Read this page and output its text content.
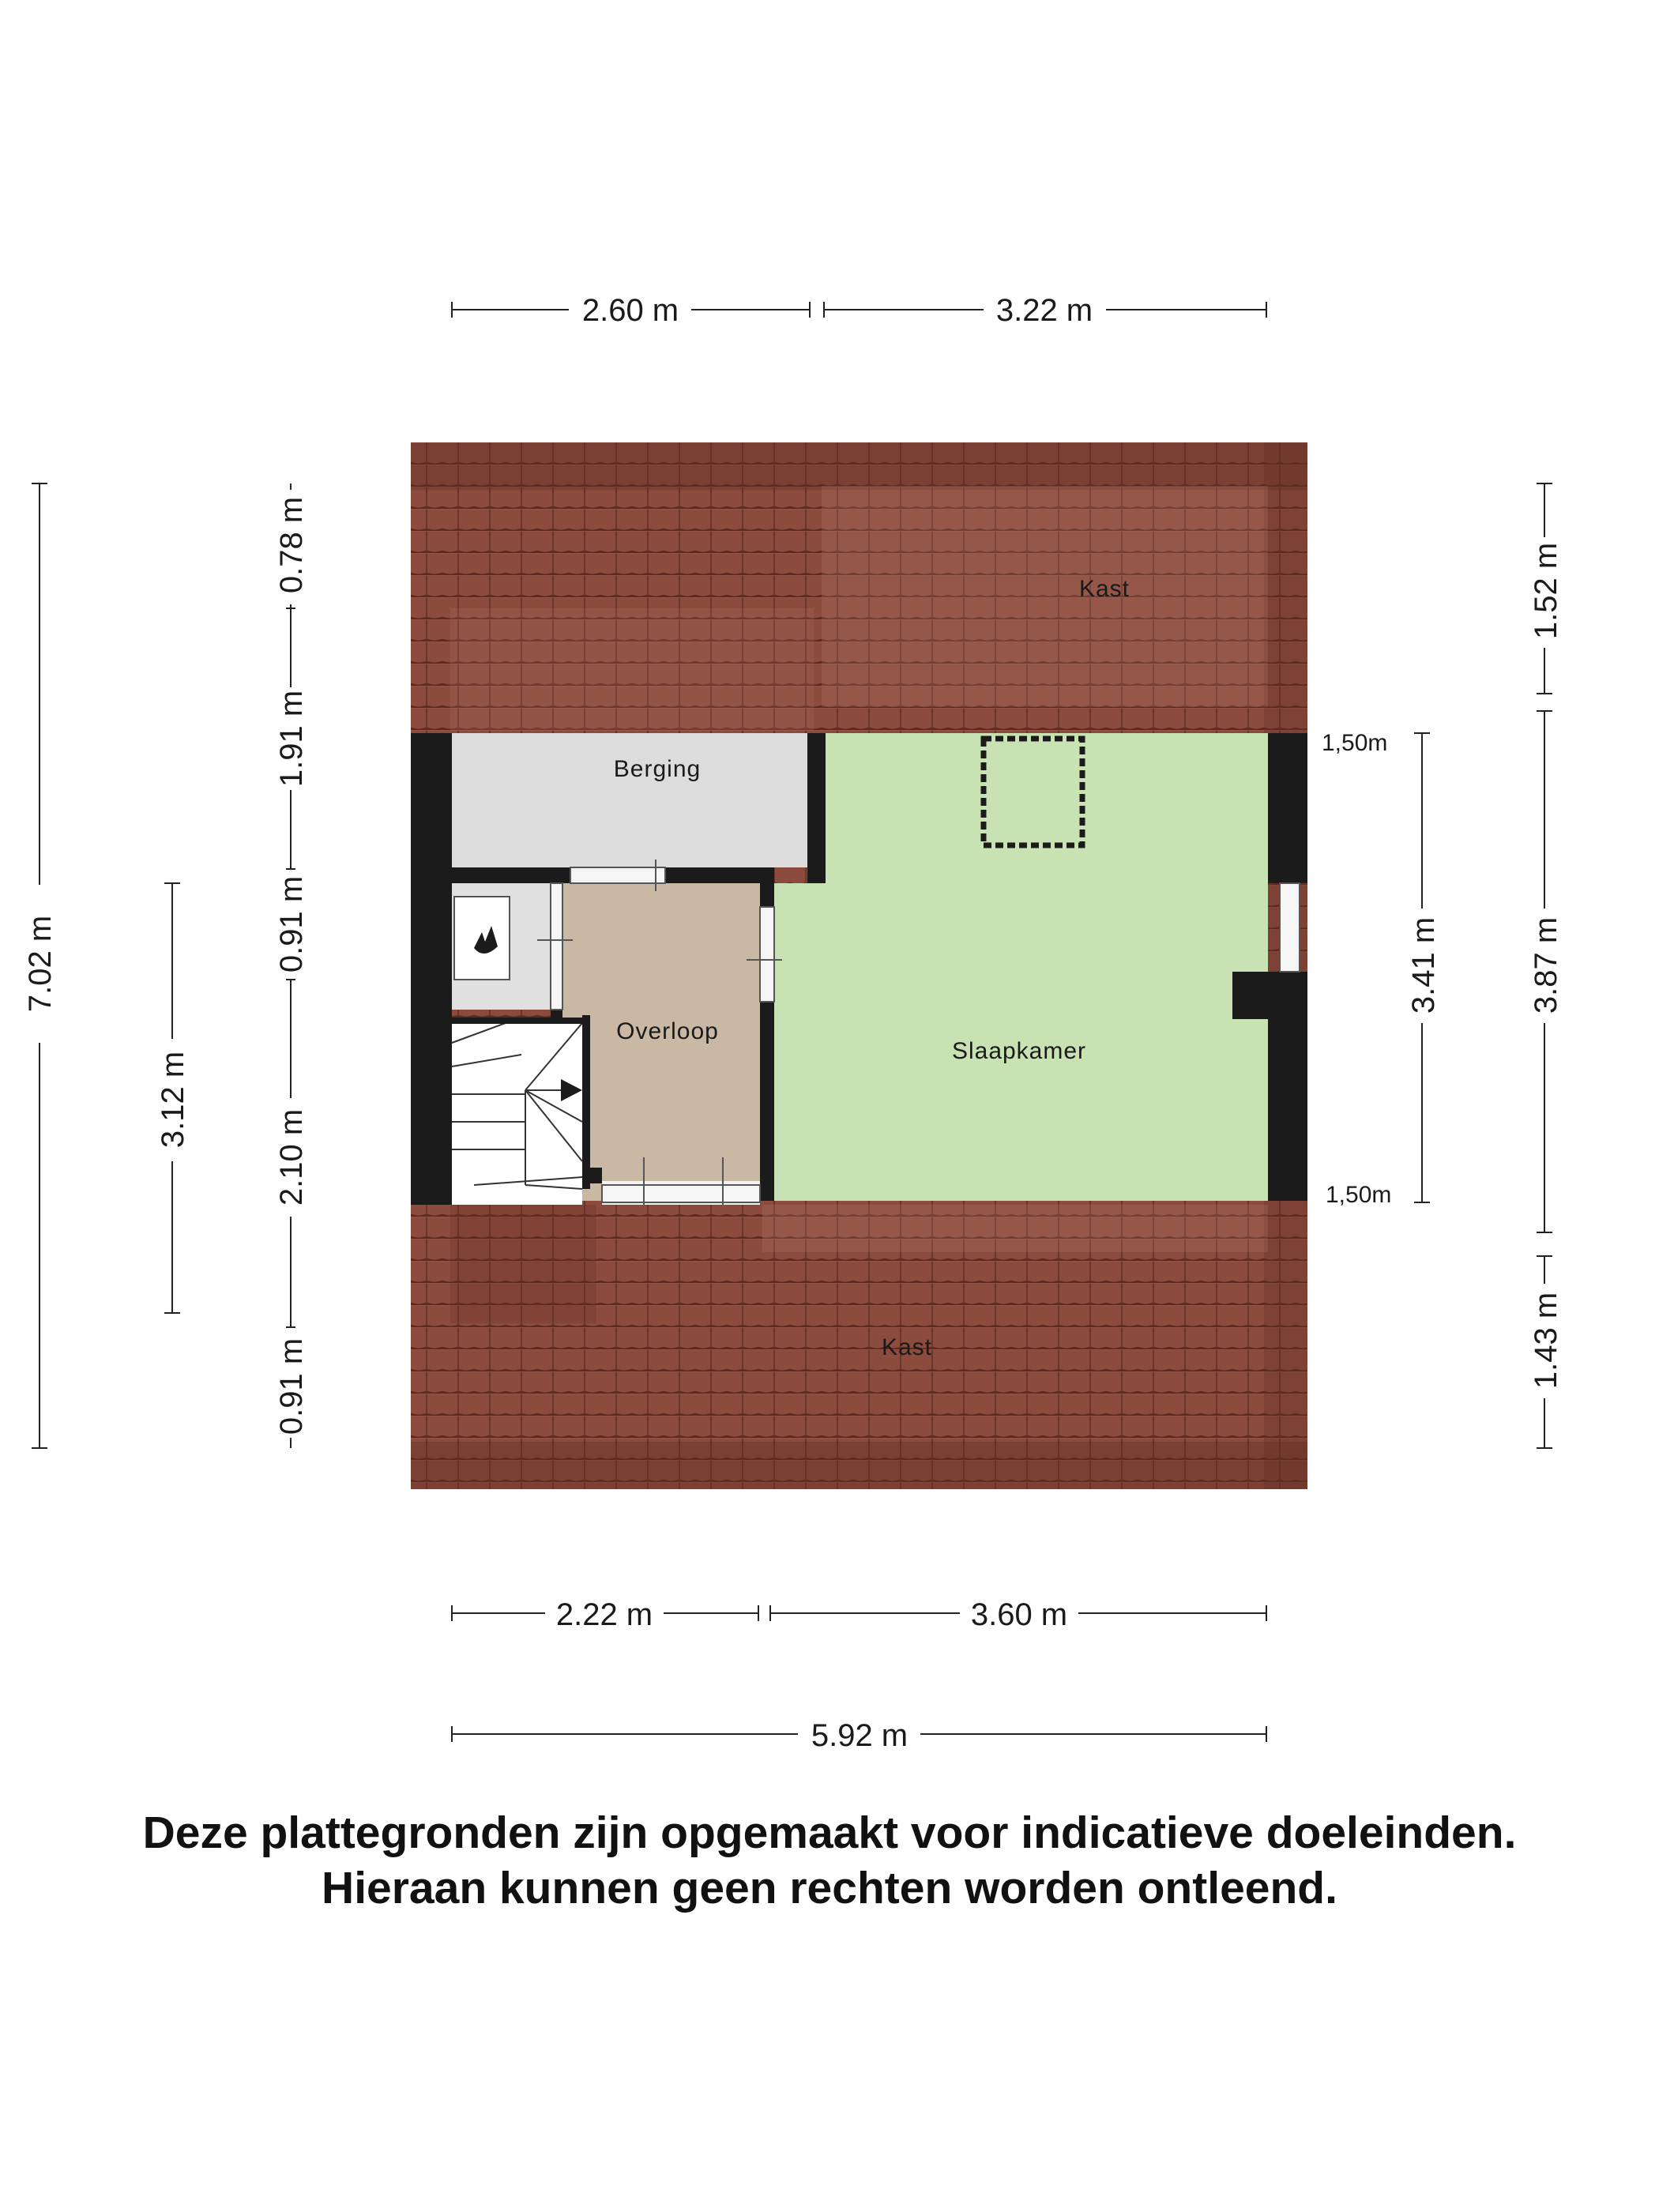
Kast
Kast
Berging
Overloop
Slaapkamer
2.60 m	3.22 m
2.22 m	3.60 m
5.92 m
7.02 m
3.12 m
0.78 m
1.91 m
0.91 m
2.10 m
0.91 m
3.41 m
1.52 m
3.87 m
1.43 m
1,50m
1,50m
Deze plattegronden zijn opgemaakt voor indicatieve doeleinden.
Hieraan kunnen geen rechten worden ontleend.
